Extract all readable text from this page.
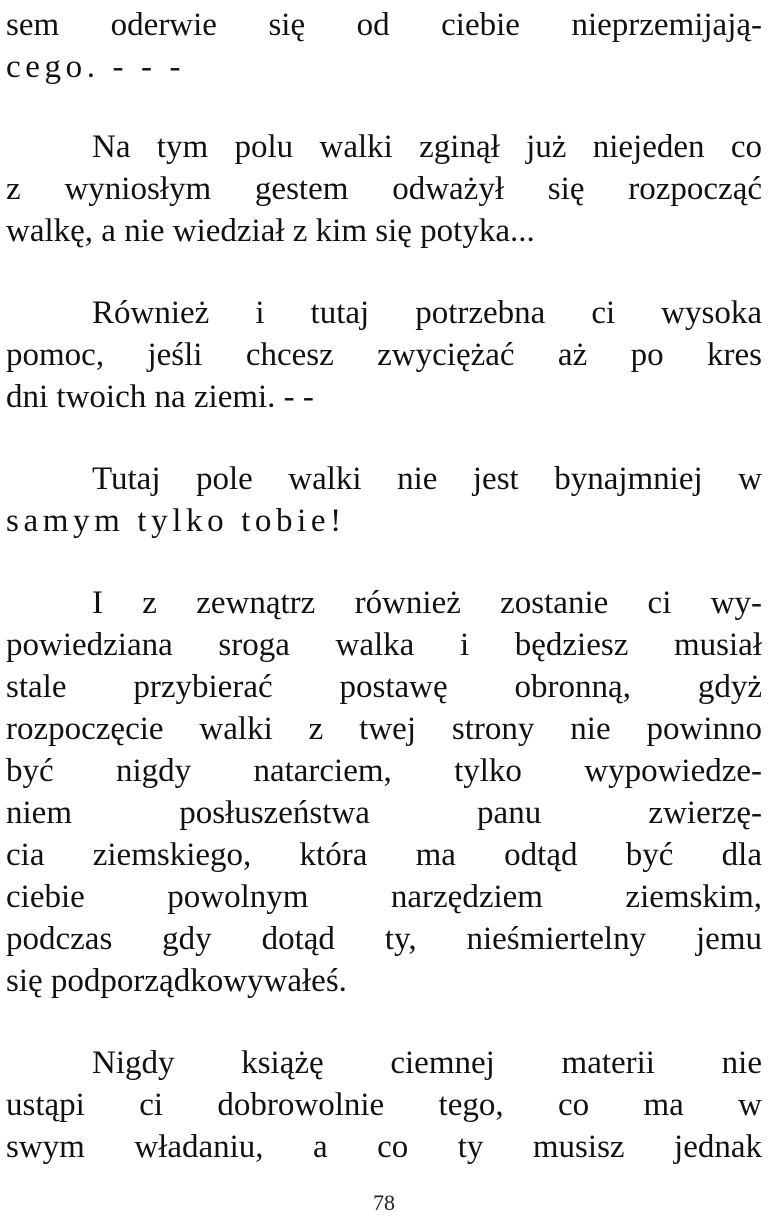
sem oderwie się od ciebie nieprzemijają-
cego. - - -
Na tym polu walki zginął już niejeden co
z wyniosłym gestem odważył się rozpocząć
walkę, a nie wiedział z kim się potyka...
Również i tutaj potrzebna ci wysoka
pomoc, jeśli chcesz zwyciężać aż po kres
dni twoich na ziemi. - -
Tutaj pole walki nie jest bynajmniej w
samym tylko tobie!
I z zewnątrz również zostanie ci wy-
powiedziana sroga walka i będziesz musiał
stale przybierać postawę obronną, gdyż
rozpoczęcie walki z twej strony nie powinno
być nigdy natarciem, tylko wypowiedze-
niem posłuszeństwa panu zwierzę-
cia ziemskiego, która ma odtąd być dla
ciebie powolnym narzędziem ziemskim,
podczas gdy dotąd ty, nieśmiertelny jemu
się podporządkowywałeś.
Nigdy książę ciemnej materii nie
ustąpi ci dobrowolnie tego, co ma w
swym władaniu, a co ty musisz jednak
78
